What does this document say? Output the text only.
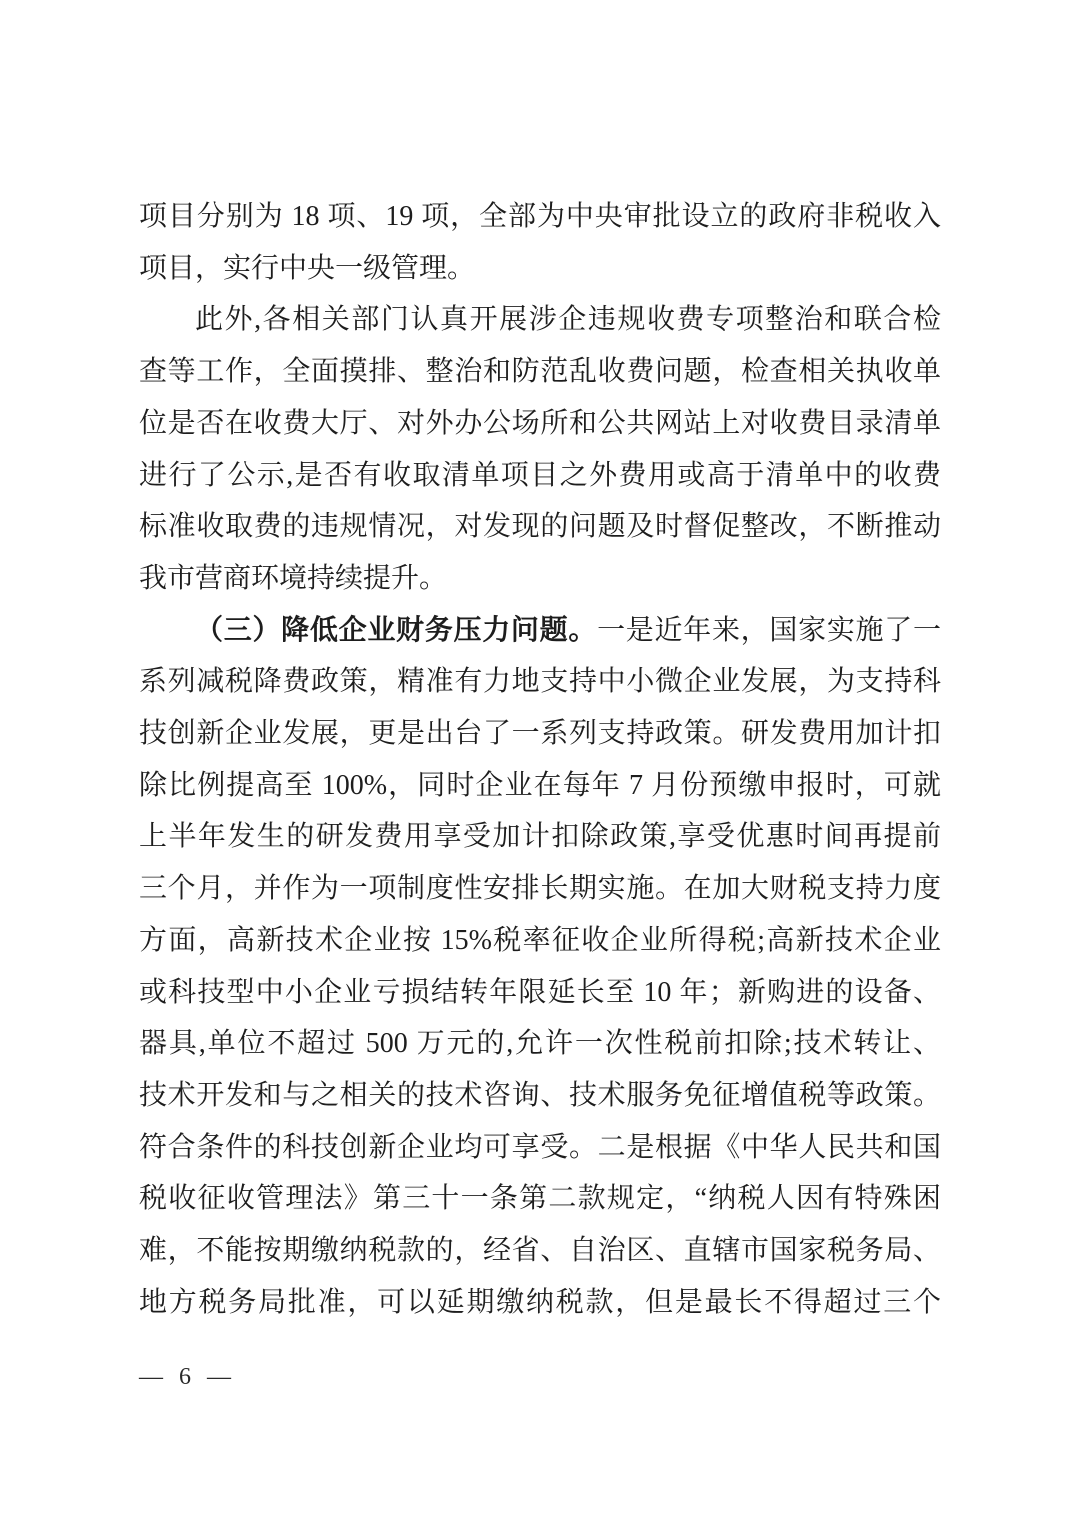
项目分别为 18 项、19 项，全部为中央审批设立的政府非税收入
项目，实行中央一级管理。
此外,各相关部门认真开展涉企违规收费专项整治和联合检
查等工作，全面摸排、整治和防范乱收费问题，检查相关执收单
位是否在收费大厅、对外办公场所和公共网站上对收费目录清单
进行了公示,是否有收取清单项目之外费用或高于清单中的收费
标准收取费的违规情况，对发现的问题及时督促整改，不断推动
我市营商环境持续提升。
（三）降低企业财务压力问题。一是近年来，国家实施了一
系列减税降费政策，精准有力地支持中小微企业发展，为支持科
技创新企业发展，更是出台了一系列支持政策。研发费用加计扣
除比例提高至 100%，同时企业在每年 7 月份预缴申报时，可就
上半年发生的研发费用享受加计扣除政策,享受优惠时间再提前
三个月，并作为一项制度性安排长期实施。在加大财税支持力度
方面，高新技术企业按 15%税率征收企业所得税;高新技术企业
或科技型中小企业亏损结转年限延长至 10 年；新购进的设备、
器具,单位不超过 500 万元的,允许一次性税前扣除;技术转让、
技术开发和与之相关的技术咨询、技术服务免征增值税等政策。
符合条件的科技创新企业均可享受。二是根据《中华人民共和国
税收征收管理法》第三十一条第二款规定，“纳税人因有特殊困
难，不能按期缴纳税款的，经省、自治区、直辖市国家税务局、
地方税务局批准，可以延期缴纳税款，但是最长不得超过三个
— 6 —
